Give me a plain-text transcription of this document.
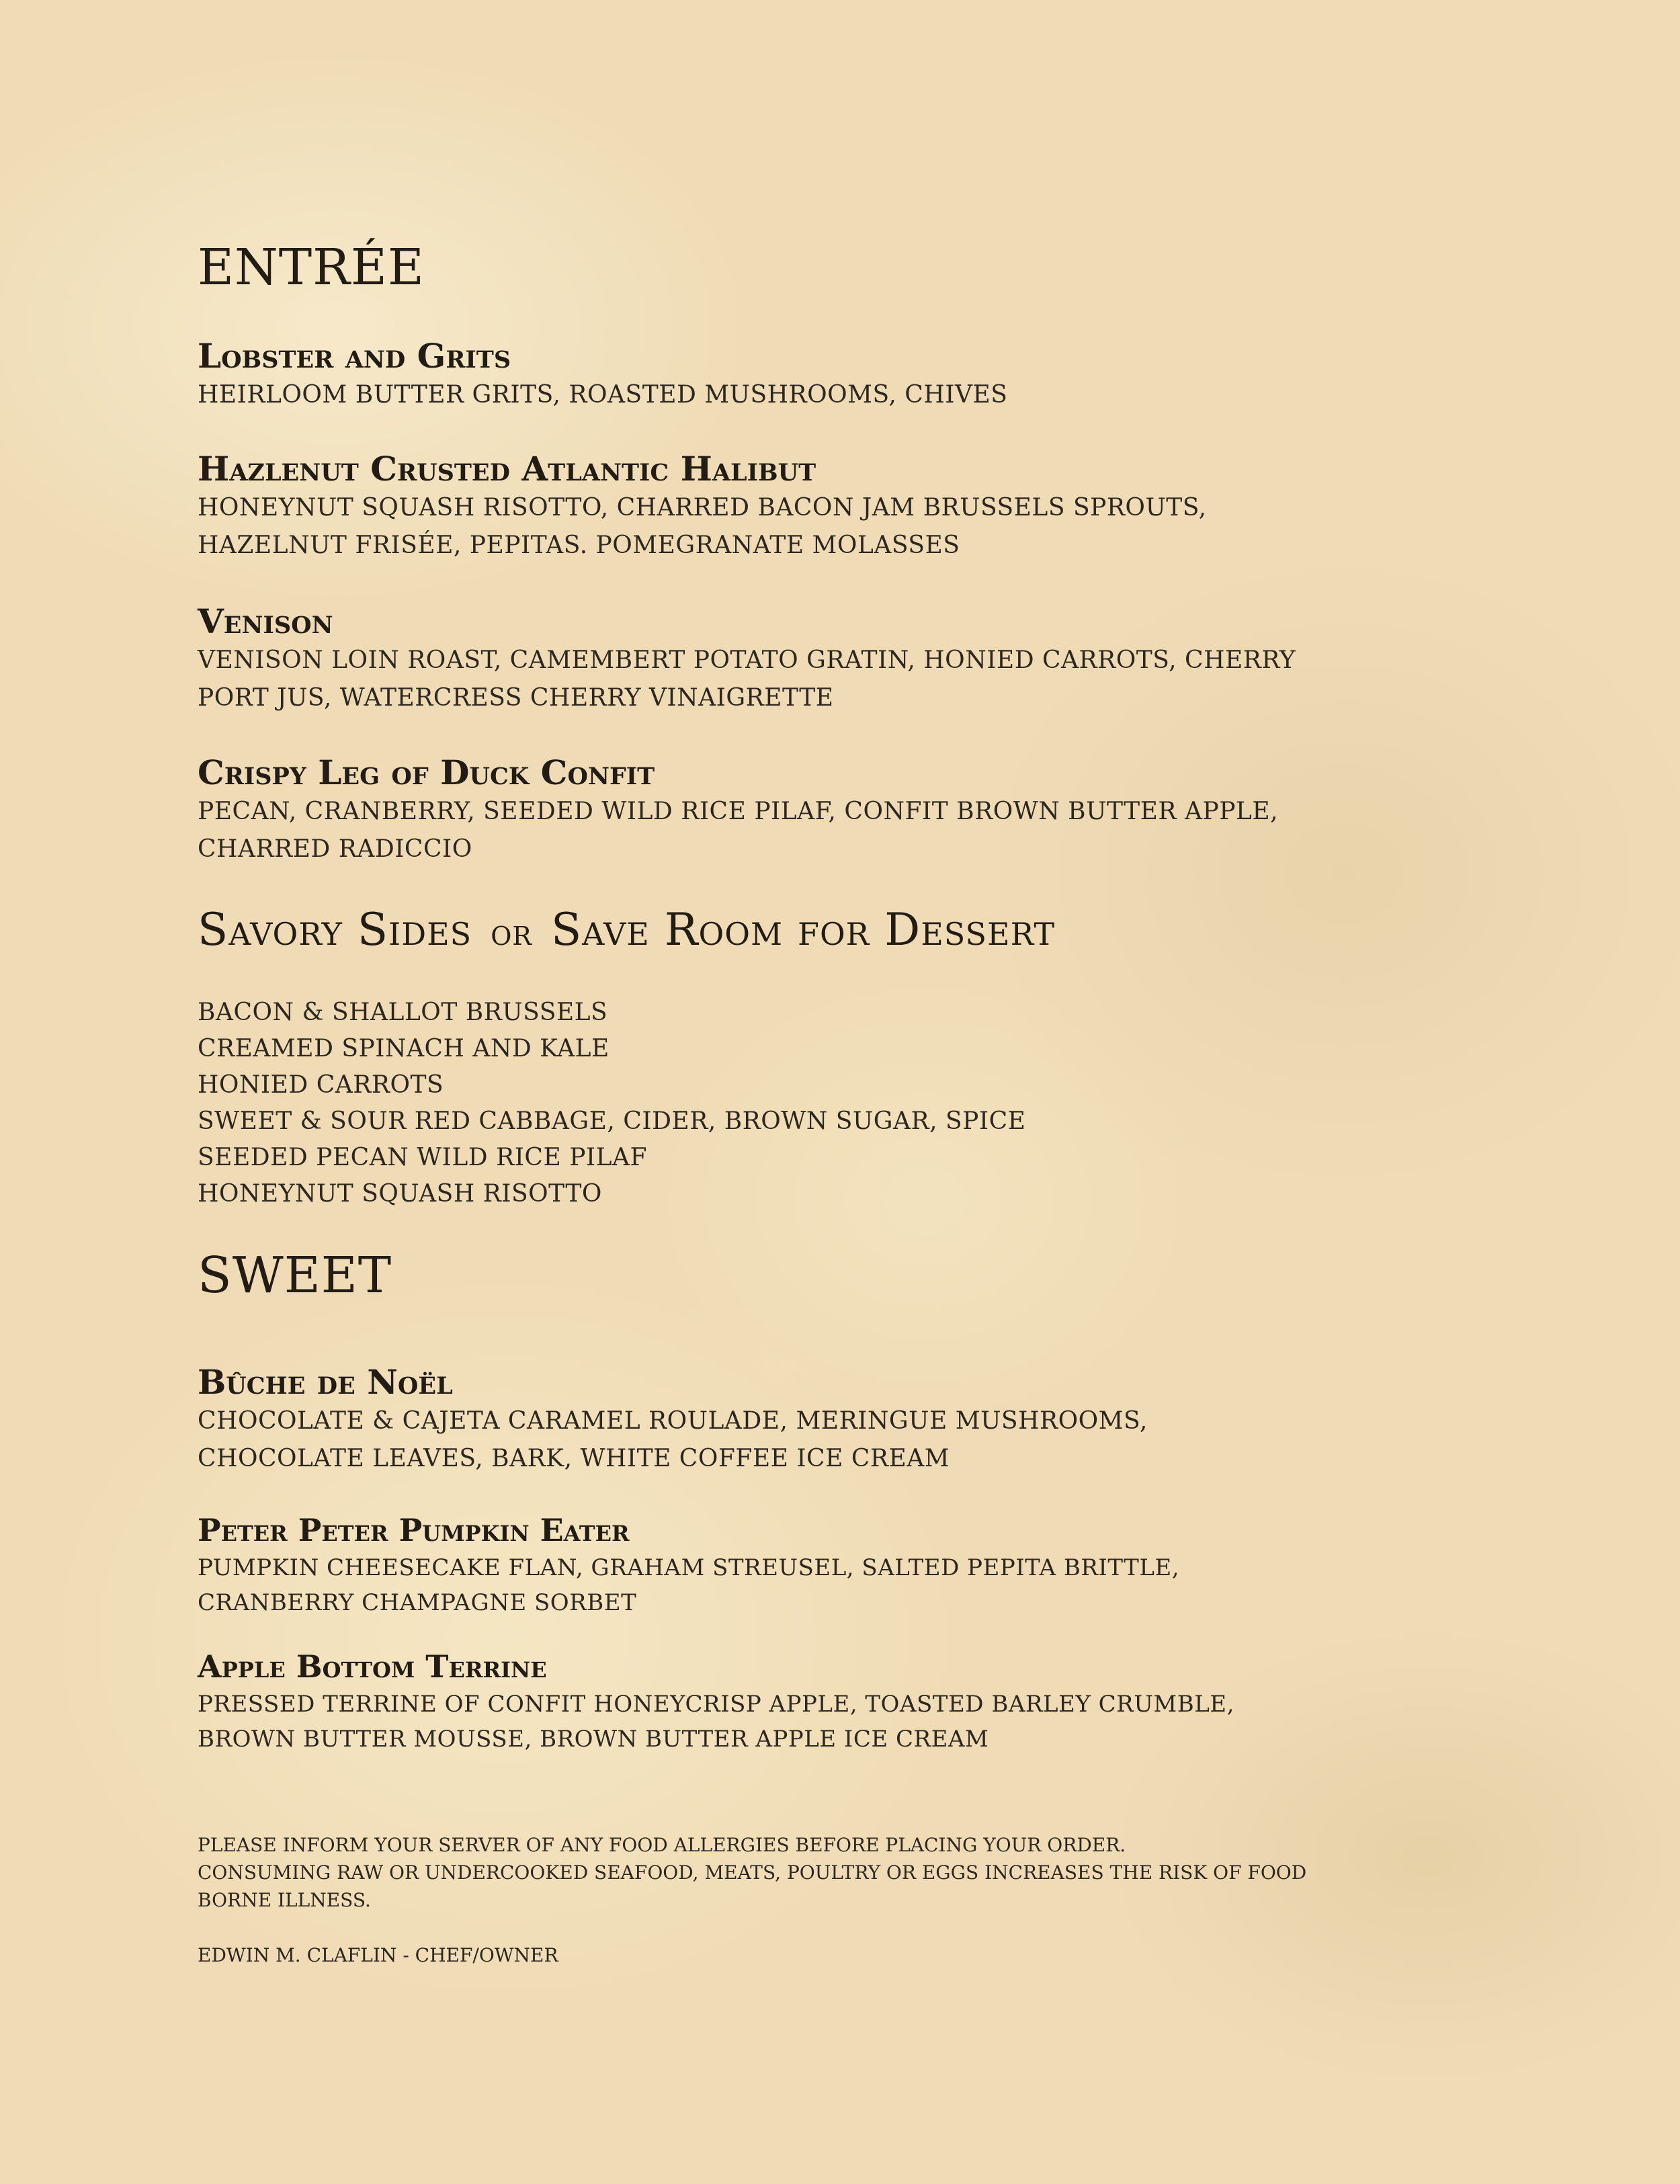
ENTRÉE

Lobster and Grits

HEIRLOOM BUTTER GRITS, ROASTED MUSHROOMS, CHIVES

Hazlenut Crusted Atlantic Halibut

HONEYNUT SQUASH RISOTTO, CHARRED BACON JAM BRUSSELS SPROUTS,
HAZELNUT FRISÉE, PEPITAS. POMEGRANATE MOLASSES

Venison

VENISON LOIN ROAST, CAMEMBERT POTATO GRATIN, HONIED CARROTS, CHERRY
PORT JUS, WATERCRESS CHERRY VINAIGRETTE

Crispy Leg of Duck Confit

PECAN, CRANBERRY, SEEDED WILD RICE PILAF, CONFIT BROWN BUTTER APPLE,
CHARRED RADICCIO

Savory Sides OR Save Room for Dessert
BACON & SHALLOT BRUSSELS
CREAMED SPINACH AND KALE
HONIED CARROTS
SWEET & SOUR RED CABBAGE, CIDER, BROWN SUGAR, SPICE
SEEDED PECAN WILD RICE PILAF
HONEYNUT SQUASH RISOTTO
SWEET

Bûche de Noël

CHOCOLATE & CAJETA CARAMEL ROULADE, MERINGUE MUSHROOMS,
CHOCOLATE LEAVES, BARK, WHITE COFFEE ICE CREAM

Peter Peter Pumpkin Eater

PUMPKIN CHEESECAKE FLAN, GRAHAM STREUSEL, SALTED PEPITA BRITTLE,
CRANBERRY CHAMPAGNE SORBET

Apple Bottom Terrine

PRESSED TERRINE OF CONFIT HONEYCRISP APPLE, TOASTED BARLEY CRUMBLE,
BROWN BUTTER MOUSSE, BROWN BUTTER APPLE ICE CREAM

PLEASE INFORM YOUR SERVER OF ANY FOOD ALLERGIES BEFORE PLACING YOUR ORDER.
CONSUMING RAW OR UNDERCOOKED SEAFOOD, MEATS, POULTRY OR EGGS INCREASES THE RISK OF FOOD
BORNE ILLNESS.
EDWIN M. CLAFLIN - CHEF/OWNER
